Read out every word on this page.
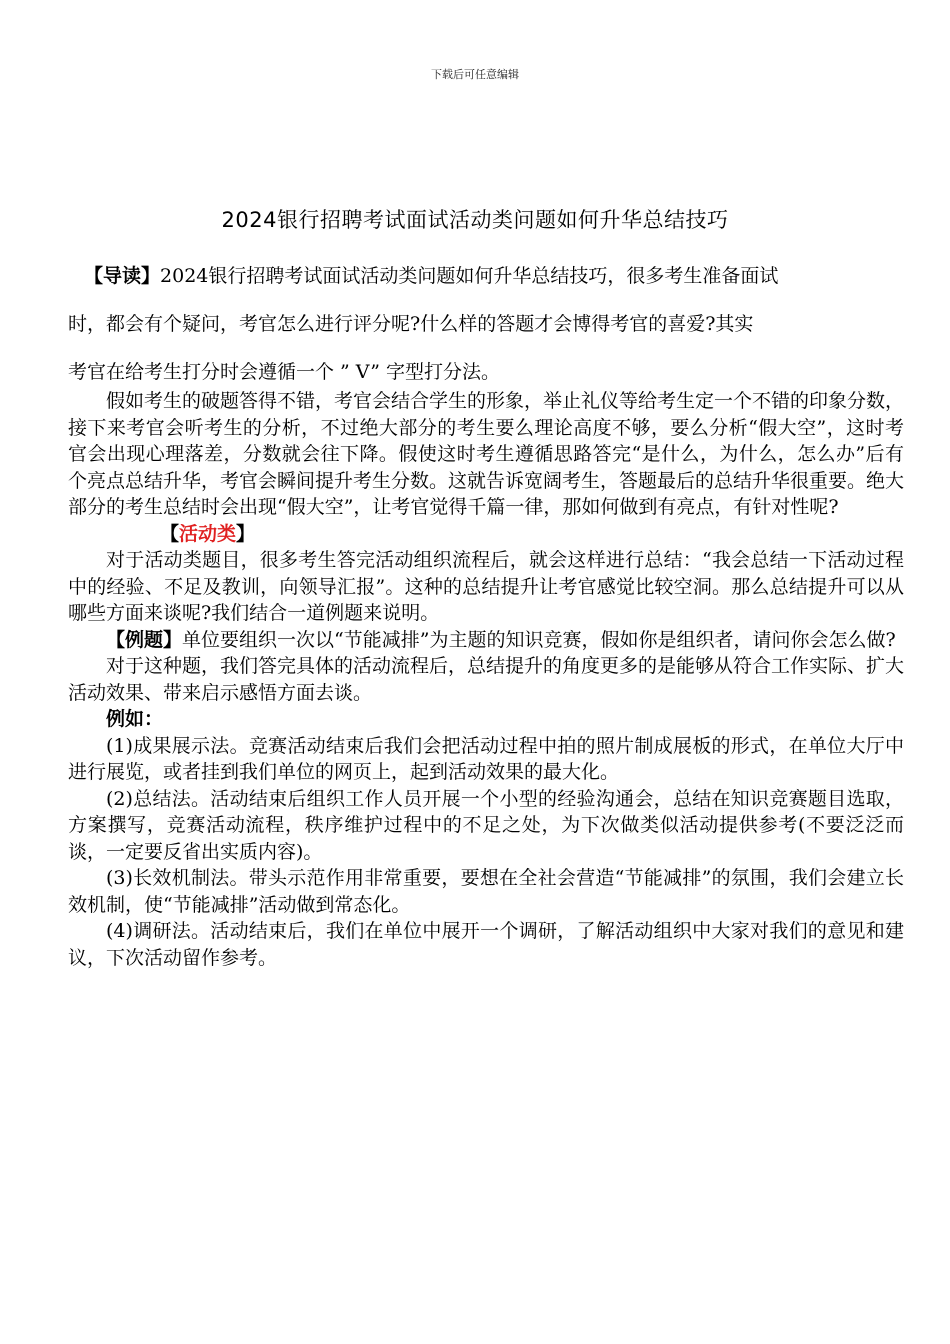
下载后可任意编辑
2024银行招聘考试面试活动类问题如何升华总结技巧
【导读】2024银行招聘考试面试活动类问题如何升华总结技巧，很多考生准备面试
时，都会有个疑问，考官怎么进行评分呢?什么样的答题才会博得考官的喜爱?其实
考官在给考生打分时会遵循一个 ” V” 字型打分法。

假如考生的破题答得不错，考官会结合学生的形象，举止礼仪等给考生定一个不错的印象分数，接下来考官会听考生的分析，不过绝大部分的考生要么理论高度不够，要么分析“假大空”，这时考官会出现心理落差，分数就会往下降。假使这时考生遵循思路答完“是什么，为什么，怎么办”后有个亮点总结升华，考官会瞬间提升考生分数。这就告诉宽阔考生，答题最后的总结升华很重要。绝大部分的考生总结时会出现“假大空”，让考官觉得千篇一律，那如何做到有亮点，有针对性呢?

【活动类】

对于活动类题目，很多考生答完活动组织流程后，就会这样进行总结：“我会总结一下活动过程中的经验、不足及教训，向领导汇报”。这种的总结提升让考官感觉比较空洞。那么总结提升可以从哪些方面来谈呢?我们结合一道例题来说明。

【例题】单位要组织一次以“节能减排”为主题的知识竞赛，假如你是组织者，请问你会怎么做?

对于这种题，我们答完具体的活动流程后，总结提升的角度更多的是能够从符合工作实际、扩大活动效果、带来启示感悟方面去谈。

例如：

(1)成果展示法。竞赛活动结束后我们会把活动过程中拍的照片制成展板的形式，在单位大厅中进行展览，或者挂到我们单位的网页上，起到活动效果的最大化。

(2)总结法。活动结束后组织工作人员开展一个小型的经验沟通会，总结在知识竞赛题目选取，方案撰写，竞赛活动流程，秩序维护过程中的不足之处，为下次做类似活动提供参考(不要泛泛而谈，一定要反省出实质内容)。

(3)长效机制法。带头示范作用非常重要，要想在全社会营造“节能减排”的氛围，我们会建立长效机制，使“节能减排”活动做到常态化。

(4)调研法。活动结束后，我们在单位中展开一个调研，了解活动组织中大家对我们的意见和建议，下次活动留作参考。
